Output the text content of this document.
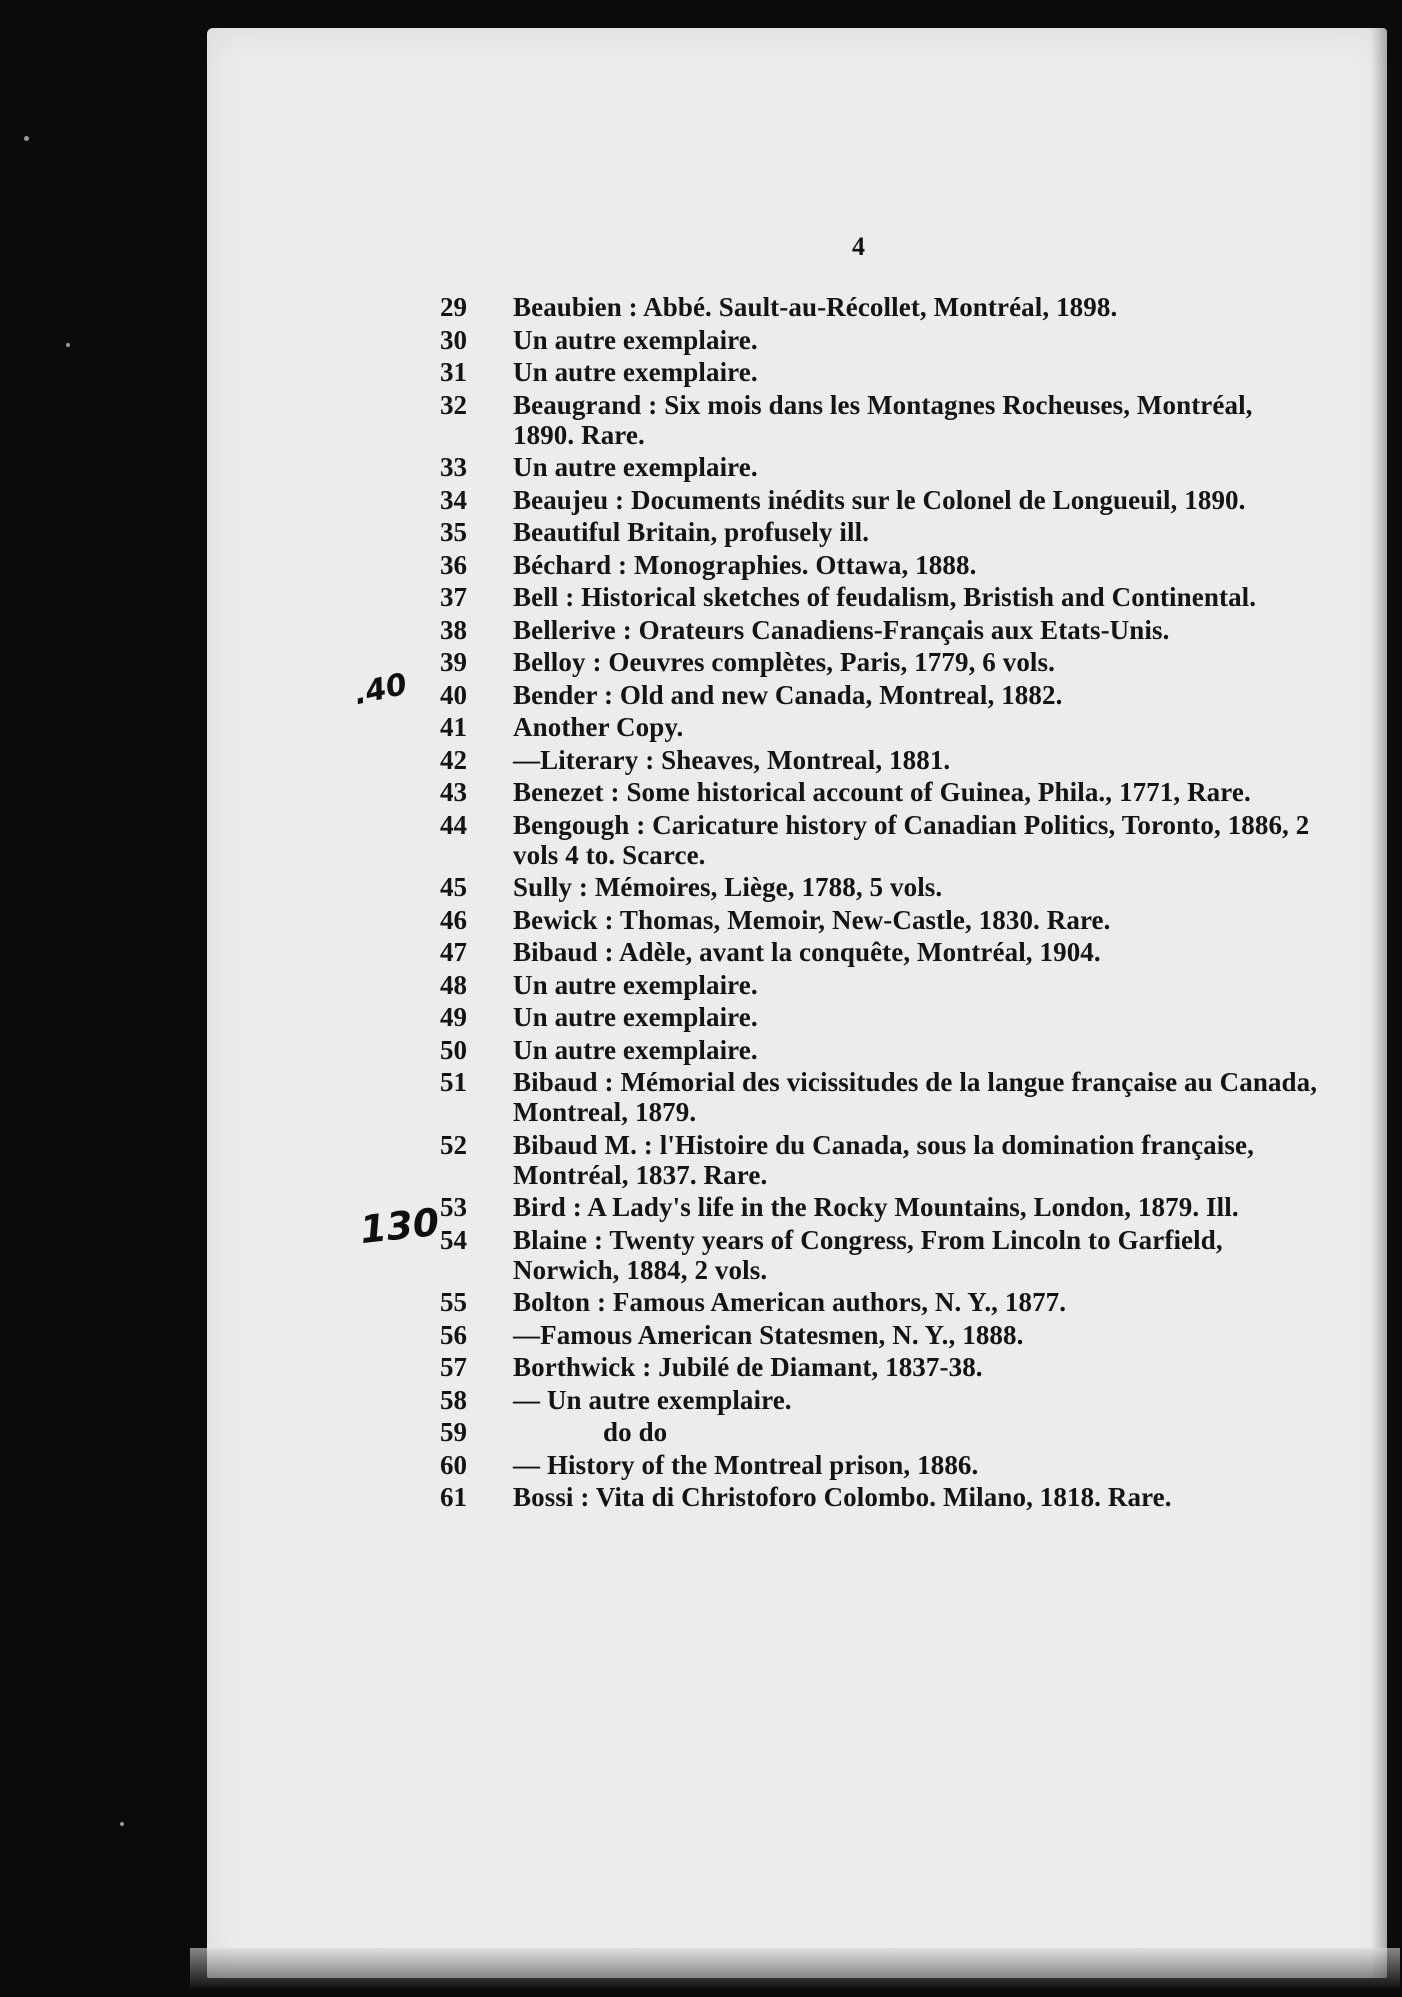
4
.40
130
29	Beaubien : Abbé. Sault-au-Récollet, Montréal, 1898.
30	Un autre exemplaire.
31	Un autre exemplaire.
32	Beaugrand : Six mois dans les Montagnes Rocheuses, Montréal, 1890. Rare.
33	Un autre exemplaire.
34	Beaujeu : Documents inédits sur le Colonel de Longueuil, 1890.
35	Beautiful Britain, profusely ill.
36	Béchard : Monographies. Ottawa, 1888.
37	Bell : Historical sketches of feudalism, Bristish and Continental.
38	Bellerive : Orateurs Canadiens-Français aux Etats-Unis.
39	Belloy : Oeuvres complètes, Paris, 1779, 6 vols.
40	Bender : Old and new Canada, Montreal, 1882.
41	Another Copy.
42	—Literary : Sheaves, Montreal, 1881.
43	Benezet : Some historical account of Guinea, Phila., 1771, Rare.
44	Bengough : Caricature history of Canadian Politics, Toronto, 1886, 2 vols 4 to. Scarce.
45	Sully : Mémoires, Liège, 1788, 5 vols.
46	Bewick : Thomas, Memoir, New-Castle, 1830. Rare.
47	Bibaud : Adèle, avant la conquête, Montréal, 1904.
48	Un autre exemplaire.
49	Un autre exemplaire.
50	Un autre exemplaire.
51	Bibaud : Mémorial des vicissitudes de la langue française au Canada, Montreal, 1879.
52	Bibaud M. : l'Histoire du Canada, sous la domination française, Montréal, 1837. Rare.
53	Bird : A Lady's life in the Rocky Mountains, London, 1879. Ill.
54	Blaine : Twenty years of Congress, From Lincoln to Garfield, Norwich, 1884, 2 vols.
55	Bolton : Famous American authors, N. Y., 1877.
56	—Famous American Statesmen, N. Y., 1888.
57	Borthwick : Jubilé de Diamant, 1837-38.
58	— Un autre exemplaire.
59	do do
60	— History of the Montreal prison, 1886.
61	Bossi : Vita di Christoforo Colombo. Milano, 1818. Rare.
